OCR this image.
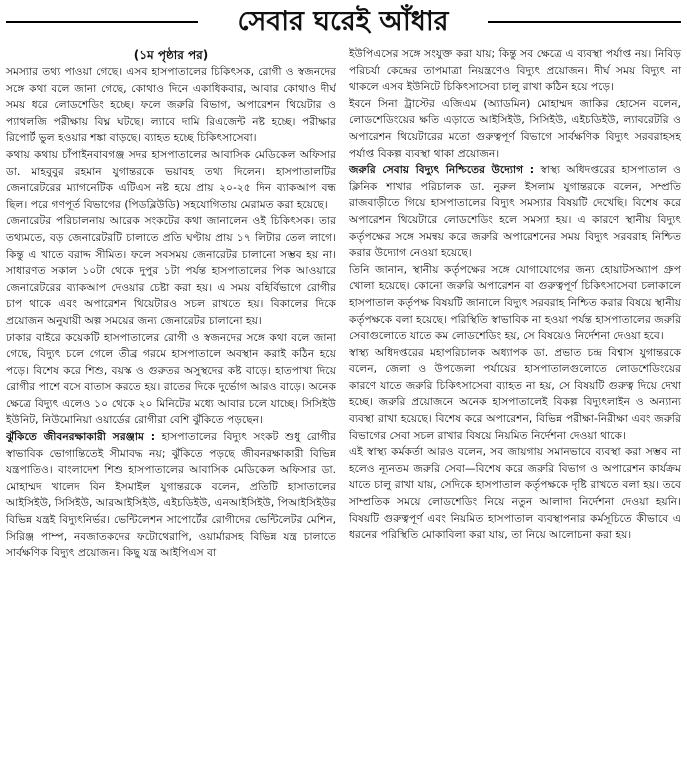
সেবার ঘরেই আঁধার
(১ম পৃষ্ঠার পর)

সমস্যার তথ্য পাওয়া গেছে। এসব হাসপাতালের চিকিৎসক, রোগী ও স্বজনদের সঙ্গে কথা বলে জানা গেছে, কোথাও দিনে একাধিকবার, আবার কোথাও দীর্ঘ সময় ধরে লোডশেডিং হচ্ছে। ফলে জরুরি বিভাগ, অপারেশন থিয়েটার ও প্যাথলজি পরীক্ষায় বিঘ্ন ঘটছে। ল্যাবে দামি রিএজেন্ট নষ্ট হচ্ছে। পরীক্ষার রিপোর্ট ভুল হওয়ার শঙ্কা বাড়ছে। ব্যাহত হচ্ছে চিকিৎসাসেবা।

কথায় কথায় চাঁপাইনবাবগঞ্জ সদর হাসপাতালের আবাসিক মেডিকেল অফিসার ডা. মাহবুবুর রহমান যুগান্তরকে ভয়াবহ তথ্য দিলেন। হাসপাতালটির জেনারেটরের ম্যাগনেটিক এটিএস নষ্ট হয়ে প্রায় ২০-২৫ দিন ব্যাকআপ বন্ধ ছিল। পরে গণপূর্ত বিভাগের (পিডব্লিউডি) সহযোগিতায় মেরামত করা হয়েছে।

জেনারেটর পরিচালনায় আরেক সংকটের কথা জানালেন ওই চিকিৎসক। তার তথ্যমতে, বড় জেনারেটরটি চালাতে প্রতি ঘণ্টায় প্রায় ১৭ লিটার তেল লাগে। কিন্তু এ খাতে বরাদ্দ সীমিত। ফলে সবসময় জেনারেটর চালানো সম্ভব হয় না। সাধারণত সকাল ১০টা থেকে দুপুর ১টা পর্যন্ত হাসপাতালের পিক আওয়ারে জেনারেটরের ব্যাকআপ দেওয়ার চেষ্টা করা হয়। এ সময় বহির্বিভাগে রোগীর চাপ থাকে এবং অপারেশন থিয়েটারও সচল রাখতে হয়। বিকালের দিকে প্রয়োজন অনুযায়ী অল্প সময়ের জন্য জেনারেটর চালানো হয়।

ঢাকার বাইরে কয়েকটি হাসপাতালের রোগী ও স্বজনদের সঙ্গে কথা বলে জানা গেছে, বিদ্যুৎ চলে গেলে তীব্র গরমে হাসপাতালে অবস্থান করাই কঠিন হয়ে পড়ে। বিশেষ করে শিশু, বয়স্ক ও গুরুতর অসুস্থদের কষ্ট বাড়ে। হাতপাখা দিয়ে রোগীর পাশে বসে বাতাস করতে হয়। রাতের দিকে দুর্ভোগ আরও বাড়ে। অনেক ক্ষেত্রে বিদ্যুৎ এলেও ১০ থেকে ২০ মিনিটের মধ্যে আবার চলে যাচ্ছে। সিসিইউ ইউনিট, নিউমোনিয়া ওয়ার্ডের রোগীরা বেশি ঝুঁকিতে পড়ছেন।

ঝুঁকিতে জীবনরক্ষাকারী সরঞ্জাম : হাসপাতালের বিদ্যুৎ সংকট শুধু রোগীর স্বাভাবিক ভোগান্তিতেই সীমাবদ্ধ নয়; ঝুঁকিতে পড়ছে জীবনরক্ষাকারী বিভিন্ন যন্ত্রপাতিও। বাংলাদেশ শিশু হাসপাতালের আবাসিক মেডিকেল অফিসার ডা. মোহাম্মদ খালেদ বিন ইসমাইল যুগান্তরকে বলেন, প্রতিটি হাসাতালের আইসিইউ, সিসিইউ, আরআইসিইউ, এইচডিইউ, এনআইসিইউ, পিআইসিইউর বিভিন্ন যন্ত্রই বিদ্যুৎনির্ভর। ভেন্টিলেশন সাপোর্টের রোগীদের ভেন্টিলেটর মেশিন, সিরিঞ্জ পাম্প, নবজাতকদের ফটোথেরাপি, ওয়ার্মারসহ বিভিন্ন যন্ত্র চালাতে সার্বক্ষণিক বিদ্যুৎ প্রয়োজন। কিছু যন্ত্র আইপিএস বা

ইউপিএসের সঙ্গে সংযুক্ত করা যায়; কিন্তু সব ক্ষেত্রে এ ব্যবস্থা পর্যাপ্ত নয়। নিবিড় পরিচর্যা কেন্দ্রের তাপমাত্রা নিয়ন্ত্রণেও বিদ্যুৎ প্রয়োজন। দীর্ঘ সময় বিদ্যুৎ না থাকলে এসব ইউনিটে চিকিৎসাসেবা চালু রাখা কঠিন হয়ে পড়ে।

ইবনে সিনা ট্রাস্টের এজিএম (অ্যাডমিন) মোহাম্মদ জাকির হোসেন বলেন, লোডশেডিংয়ের ক্ষতি এড়াতে আইসিইউ, সিসিইউ, এইচডিইউ, ল্যাবরেটরি ও অপারেশন থিয়েটারের মতো গুরুত্বপূর্ণ বিভাগে সার্বক্ষণিক বিদ্যুৎ সরবরাহসহ পর্যাপ্ত বিকল্প ব্যবস্থা থাকা প্রয়োজন।

জরুরি সেবায় বিদ্যুৎ নিশ্চিতের উদ্যোগ : স্বাস্থ্য অধিদপ্তরের হাসপাতাল ও ক্লিনিক শাখার পরিচালক ডা. নুরুল ইসলাম যুগান্তরকে বলেন, সম্প্রতি রাজবাড়ীতে গিয়ে হাসপাতালের বিদ্যুৎ সমস্যার বিষয়টি দেখেছি। বিশেষ করে অপারেশন থিয়েটারে লোডশেডিং হলে সমস্যা হয়। এ কারণে স্থানীয় বিদ্যুৎ কর্তৃপক্ষের সঙ্গে সমন্বয় করে জরুরি অপারেশনের সময় বিদ্যুৎ সরবরাহ নিশ্চিত করার উদ্যোগ নেওয়া হয়েছে।

তিনি জানান, স্থানীয় কর্তৃপক্ষের সঙ্গে যোগাযোগের জন্য হোয়াটসঅ্যাপ গ্রুপ খোলা হয়েছে। কোনো জরুরি অপারেশন বা গুরুত্বপূর্ণ চিকিৎসাসেবা চলাকালে হাসপাতাল কর্তৃপক্ষ বিষয়টি জানালে বিদ্যুৎ সরবরাহ নিশ্চিত করার বিষয়ে স্থানীয় কর্তৃপক্ষকে বলা হয়েছে। পরিস্থিতি স্বাভাবিক না হওয়া পর্যন্ত হাসপাতালের জরুরি সেবাগুলোতে যাতে কম লোডশেডিং হয়, সে বিষয়েও নির্দেশনা দেওয়া হবে।

স্বাস্থ্য অধিদপ্তরের মহাপরিচালক অধ্যাপক ডা. প্রভাত চন্দ্র বিশ্বাস যুগান্তরকে বলেন, জেলা ও উপজেলা পর্যায়ের হাসপাতালগুলোতে লোডশেডিংয়ের কারণে যাতে জরুরি চিকিৎসাসেবা ব্যাহত না হয়, সে বিষয়টি গুরুত্ব দিয়ে দেখা হচ্ছে। জরুরি প্রয়োজনে অনেক হাসপাতালেই বিকল্প বিদ্যুৎলাইন ও অন্যান্য ব্যবস্থা রাখা হয়েছে। বিশেষ করে অপারেশন, বিভিন্ন পরীক্ষা-নিরীক্ষা এবং জরুরি বিভাগের সেবা সচল রাখার বিষয়ে নিয়মিত নির্দেশনা দেওয়া থাকে।

এই স্বাস্থ্য কর্মকর্তা আরও বলেন, সব জায়গায় সমানভাবে ব্যবস্থা করা সম্ভব না হলেও ন্যূনতম জরুরি সেবা—বিশেষ করে জরুরি বিভাগ ও অপারেশন কার্যক্রম যাতে চালু রাখা যায়, সেদিকে হাসপাতাল কর্তৃপক্ষকে দৃষ্টি রাখতে বলা হয়। তবে সাম্প্রতিক সময়ে লোডশেডিং নিয়ে নতুন আলাদা নির্দেশনা দেওয়া হয়নি। বিষয়টি গুরুত্বপূর্ণ এবং নিয়মিত হাসপাতাল ব্যবস্থাপনার কর্মসূচিতে কীভাবে এ ধরনের পরিস্থিতি মোকাবিলা করা যায়, তা নিয়ে আলোচনা করা হয়।
